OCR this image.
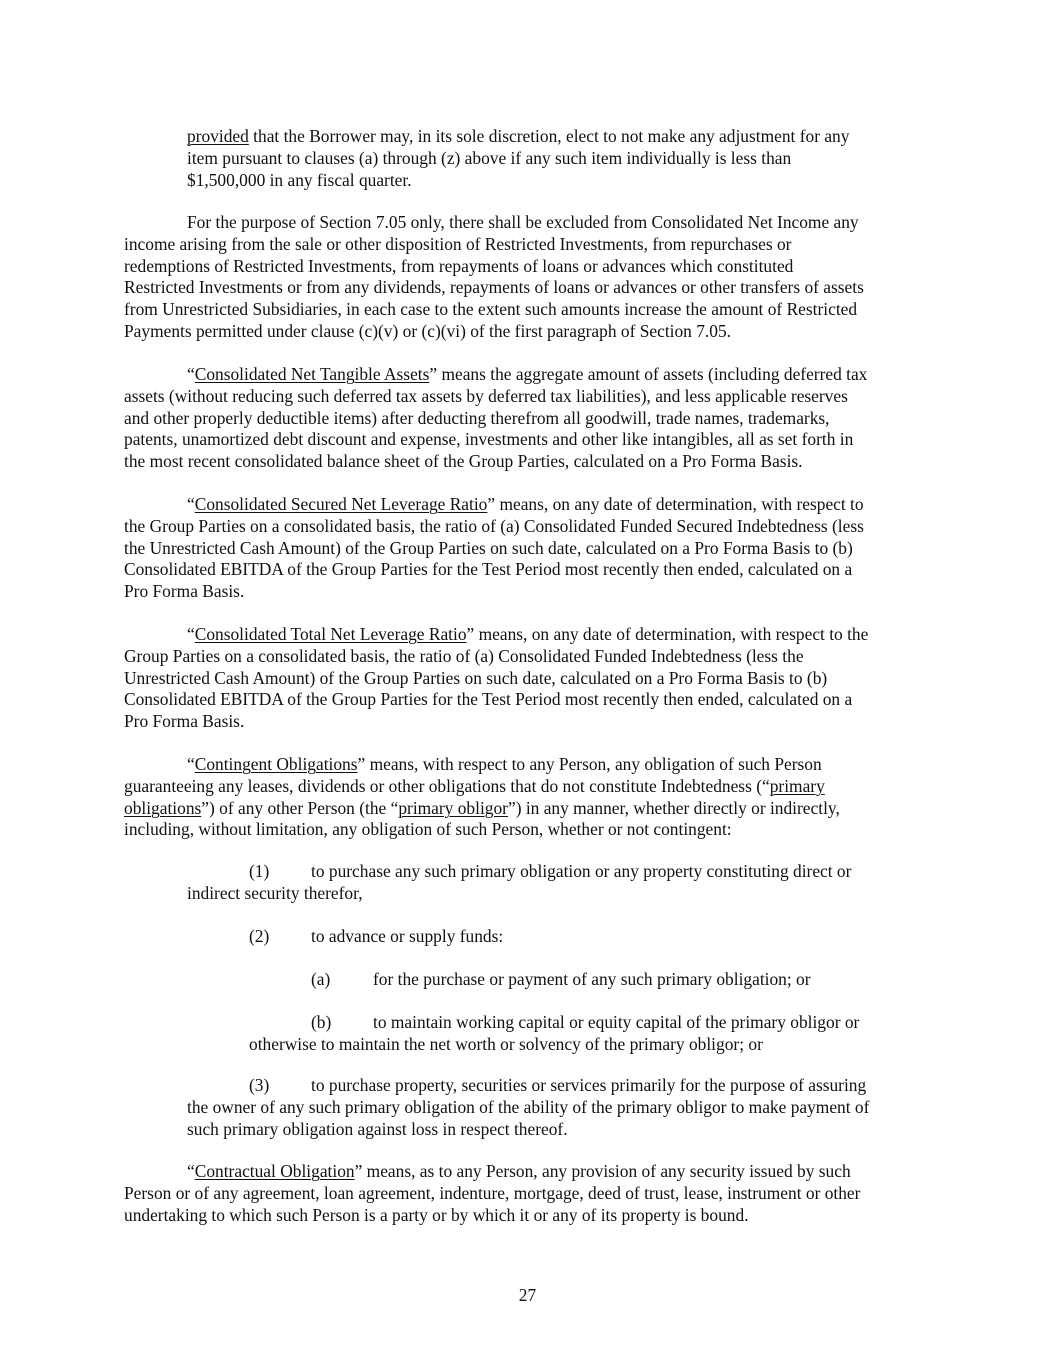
provided that the Borrower may, in its sole discretion, elect to not make any adjustment for any
item pursuant to clauses (a) through (z) above if any such item individually is less than
$1,500,000 in any fiscal quarter.
For the purpose of Section 7.05 only, there shall be excluded from Consolidated Net Income any
income arising from the sale or other disposition of Restricted Investments, from repurchases or
redemptions of Restricted Investments, from repayments of loans or advances which constituted
Restricted Investments or from any dividends, repayments of loans or advances or other transfers of assets
from Unrestricted Subsidiaries, in each case to the extent such amounts increase the amount of Restricted
Payments permitted under clause (c)(v) or (c)(vi) of the first paragraph of Section 7.05.
“Consolidated Net Tangible Assets” means the aggregate amount of assets (including deferred tax
assets (without reducing such deferred tax assets by deferred tax liabilities), and less applicable reserves
and other properly deductible items) after deducting therefrom all goodwill, trade names, trademarks,
patents, unamortized debt discount and expense, investments and other like intangibles, all as set forth in
the most recent consolidated balance sheet of the Group Parties, calculated on a Pro Forma Basis.
“Consolidated Secured Net Leverage Ratio” means, on any date of determination, with respect to
the Group Parties on a consolidated basis, the ratio of (a) Consolidated Funded Secured Indebtedness (less
the Unrestricted Cash Amount) of the Group Parties on such date, calculated on a Pro Forma Basis to (b)
Consolidated EBITDA of the Group Parties for the Test Period most recently then ended, calculated on a
Pro Forma Basis.
“Consolidated Total Net Leverage Ratio” means, on any date of determination, with respect to the
Group Parties on a consolidated basis, the ratio of (a) Consolidated Funded Indebtedness (less the
Unrestricted Cash Amount) of the Group Parties on such date, calculated on a Pro Forma Basis to (b)
Consolidated EBITDA of the Group Parties for the Test Period most recently then ended, calculated on a
Pro Forma Basis.
“Contingent Obligations” means, with respect to any Person, any obligation of such Person
guaranteeing any leases, dividends or other obligations that do not constitute Indebtedness (“primary
obligations”) of any other Person (the “primary obligor”) in any manner, whether directly or indirectly,
including, without limitation, any obligation of such Person, whether or not contingent:
(1) to purchase any such primary obligation or any property constituting direct or
indirect security therefor,
(2) to advance or supply funds:
(a) for the purchase or payment of any such primary obligation; or
(b) to maintain working capital or equity capital of the primary obligor or
otherwise to maintain the net worth or solvency of the primary obligor; or
(3) to purchase property, securities or services primarily for the purpose of assuring
the owner of any such primary obligation of the ability of the primary obligor to make payment of
such primary obligation against loss in respect thereof.
“Contractual Obligation” means, as to any Person, any provision of any security issued by such
Person or of any agreement, loan agreement, indenture, mortgage, deed of trust, lease, instrument or other
undertaking to which such Person is a party or by which it or any of its property is bound.
27
